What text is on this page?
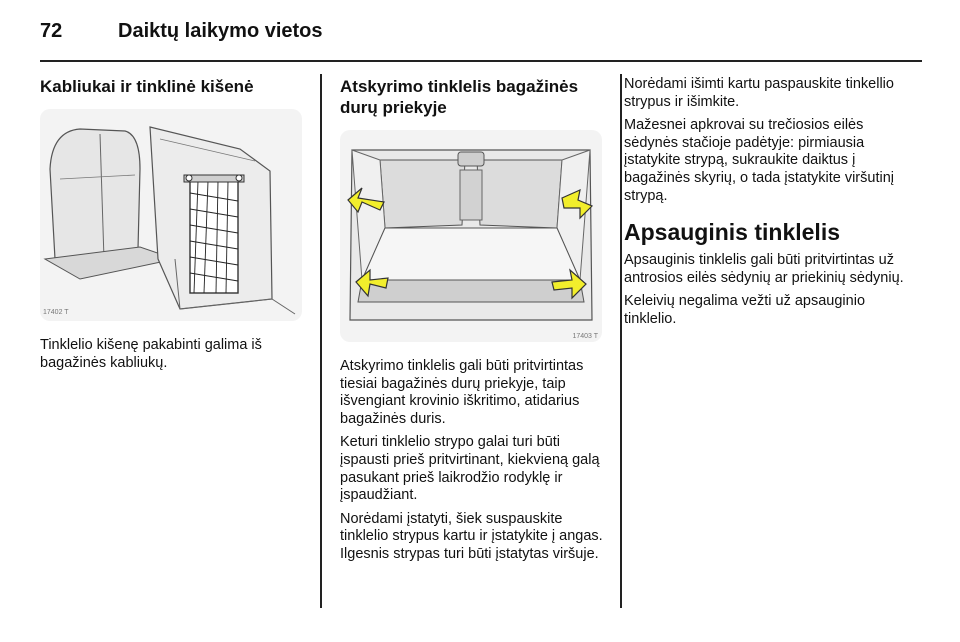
72	Daiktų laikymo vietos
Kabliukai ir tinklinė kišenė
17402 T

Tinklelio kišenę pakabinti galima iš bagažinės kabliukų.

Atskyrimo tinklelis bagažinės
durų priekyje
17403 T

Atskyrimo tinklelis gali būti pritvirtintas tiesiai bagažinės durų priekyje, taip išvengiant krovinio iškritimo, atidarius bagažinės duris.

Keturi tinklelio strypo galai turi būti įspausti prieš pritvirtinant, kiekvieną galą pasukant prieš laikrodžio rodyklę ir įspaudžiant.

Norėdami įstatyti, šiek suspauskite tinklelio strypus kartu ir įstatykite į angas. Ilgesnis strypas turi būti įstatytas viršuje.

Norėdami išimti kartu paspauskite tinkellio strypus ir išimkite.

Mažesnei apkrovai su trečiosios eilės sėdynės stačioje padėtyje: pirmiausia įstatykite strypą, sukraukite daiktus į bagažinės skyrių, o tada įstatykite viršutinį strypą.

Apsauginis tinklelis

Apsauginis tinklelis gali būti pritvirtintas už antrosios eilės sėdynių ar priekinių sėdynių.

Keleivių negalima vežti už apsauginio tinklelio.
